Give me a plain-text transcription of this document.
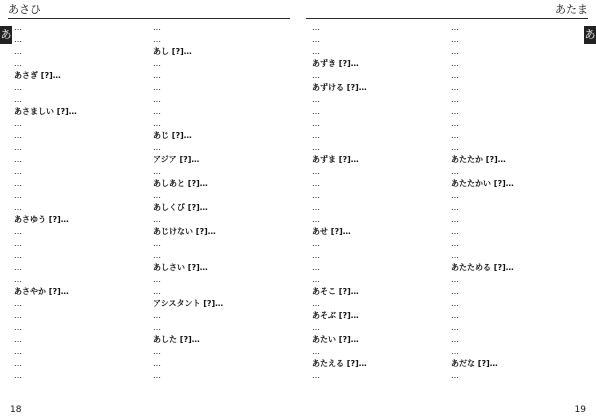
あさひ
あ
…
…
…
…
あさぎ [?]…
…
…
あさましい [?]…
…
…
…
…
…
…
…
…
あさゆう [?]…
…
…
…
…
…
あさやか [?]…
…
…
…
…
…
…
…
…
…
あし [?]…
…
…
…
…
…
…
あじ [?]…
…
アジア [?]…
…
あしあと [?]…
…
あしくび [?]…
…
あじけない [?]…
…
…
あしさい [?]…
…
…
アシスタント [?]…
…
…
あした [?]…
…
…
…
18
あたま
あ
…
…
…
あずき [?]…
…
あずける [?]…
…
…
…
…
…
あずま [?]…
…
…
…
…
…
あせ [?]…
…
…
…
…
あそこ [?]…
…
あそぶ [?]…
…
あたい [?]…
…
あたえる [?]…
…
…
…
…
…
…
…
…
…
…
…
…
あたたか [?]…
…
あたたかい [?]…
…
…
…
…
…
…
あたためる [?]…
…
…
…
…
…
…
…
あだな [?]…
…
19
